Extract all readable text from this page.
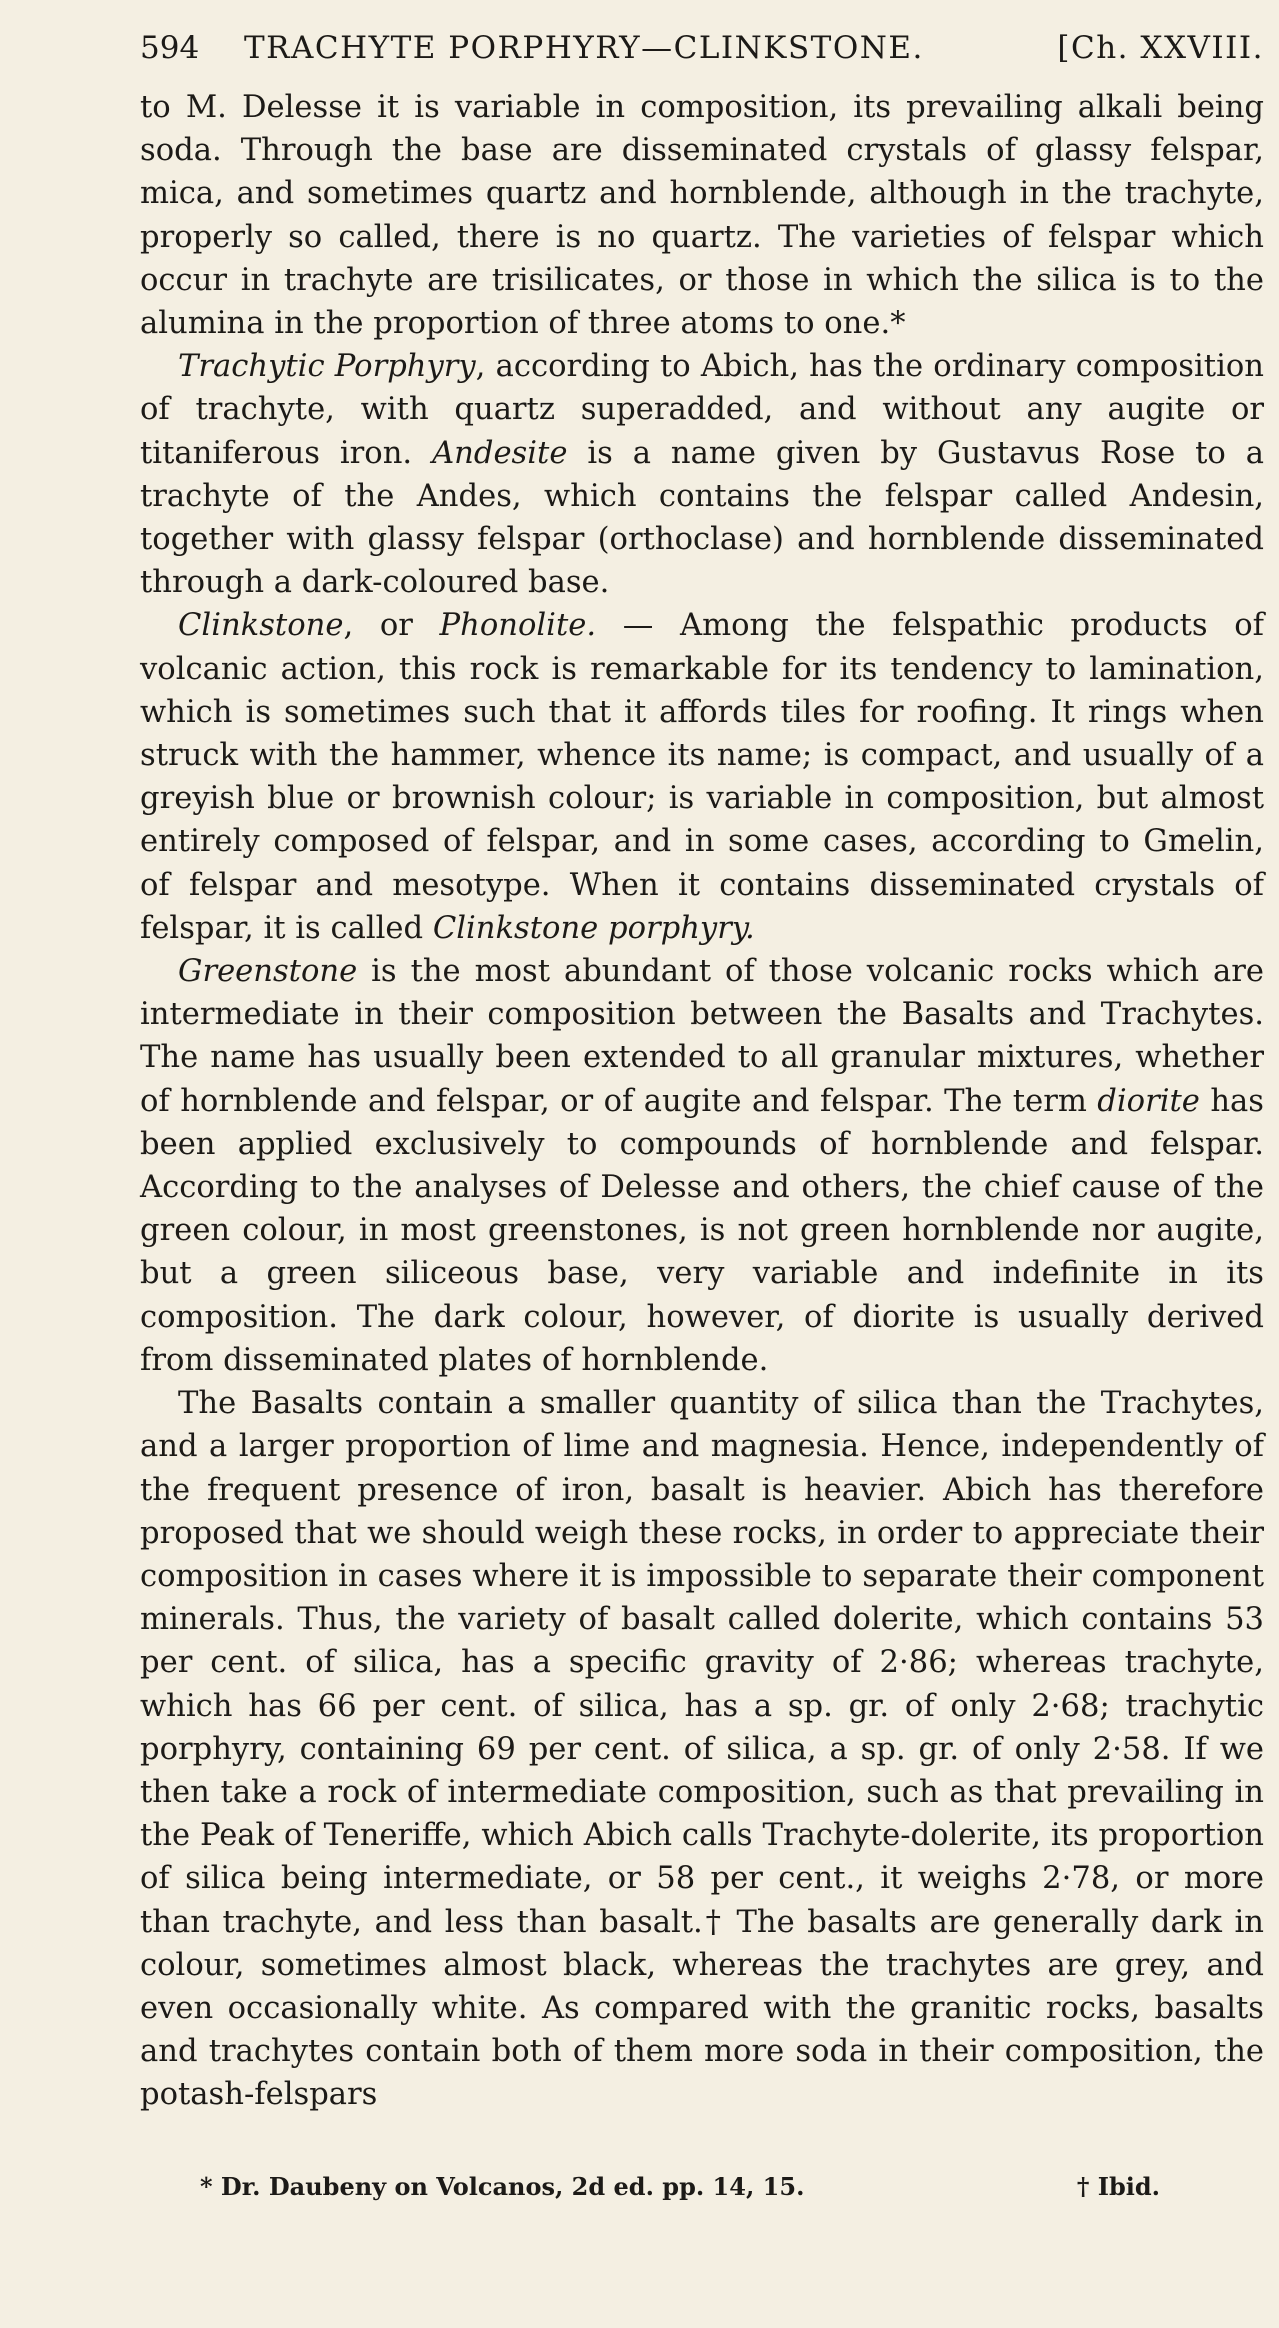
594	TRACHYTE PORPHYRY—CLINKSTONE.	[Ch. XXVIII.

to M. Delesse it is variable in composition, its prevailing alkali being soda. Through the base are disseminated crystals of glassy felspar, mica, and sometimes quartz and hornblende, although in the trachyte, properly so called, there is no quartz. The varieties of felspar which occur in trachyte are trisilicates, or those in which the silica is to the alumina in the proportion of three atoms to one.*

Trachytic Porphyry, according to Abich, has the ordinary composition of trachyte, with quartz superadded, and without any augite or titaniferous iron. Andesite is a name given by Gustavus Rose to a trachyte of the Andes, which contains the felspar called Andesin, together with glassy felspar (orthoclase) and hornblende disseminated through a dark-coloured base.

Clinkstone, or Phonolite. — Among the felspathic products of volcanic action, this rock is remarkable for its tendency to lamination, which is sometimes such that it affords tiles for roofing. It rings when struck with the hammer, whence its name; is compact, and usually of a greyish blue or brownish colour; is variable in composition, but almost entirely composed of felspar, and in some cases, according to Gmelin, of felspar and mesotype. When it contains disseminated crystals of felspar, it is called Clinkstone porphyry.

Greenstone is the most abundant of those volcanic rocks which are intermediate in their composition between the Basalts and Trachytes. The name has usually been extended to all granular mixtures, whether of hornblende and felspar, or of augite and felspar. The term diorite has been applied exclusively to compounds of hornblende and felspar. According to the analyses of Delesse and others, the chief cause of the green colour, in most greenstones, is not green hornblende nor augite, but a green siliceous base, very variable and indefinite in its composition. The dark colour, however, of diorite is usually derived from disseminated plates of hornblende.

The Basalts contain a smaller quantity of silica than the Trachytes, and a larger proportion of lime and magnesia. Hence, independently of the frequent presence of iron, basalt is heavier. Abich has therefore proposed that we should weigh these rocks, in order to appreciate their composition in cases where it is impossible to separate their component minerals. Thus, the variety of basalt called dolerite, which contains 53 per cent. of silica, has a specific gravity of 2·86; whereas trachyte, which has 66 per cent. of silica, has a sp. gr. of only 2·68; trachytic porphyry, containing 69 per cent. of silica, a sp. gr. of only 2·58. If we then take a rock of intermediate composition, such as that prevailing in the Peak of Teneriffe, which Abich calls Trachyte-dolerite, its proportion of silica being intermediate, or 58 per cent., it weighs 2·78, or more than trachyte, and less than basalt.† The basalts are generally dark in colour, sometimes almost black, whereas the trachytes are grey, and even occasionally white. As compared with the granitic rocks, basalts and trachytes contain both of them more soda in their composition, the potash-felspars

* Dr. Daubeny on Volcanos, 2d ed. pp. 14, 15.	† Ibid.
